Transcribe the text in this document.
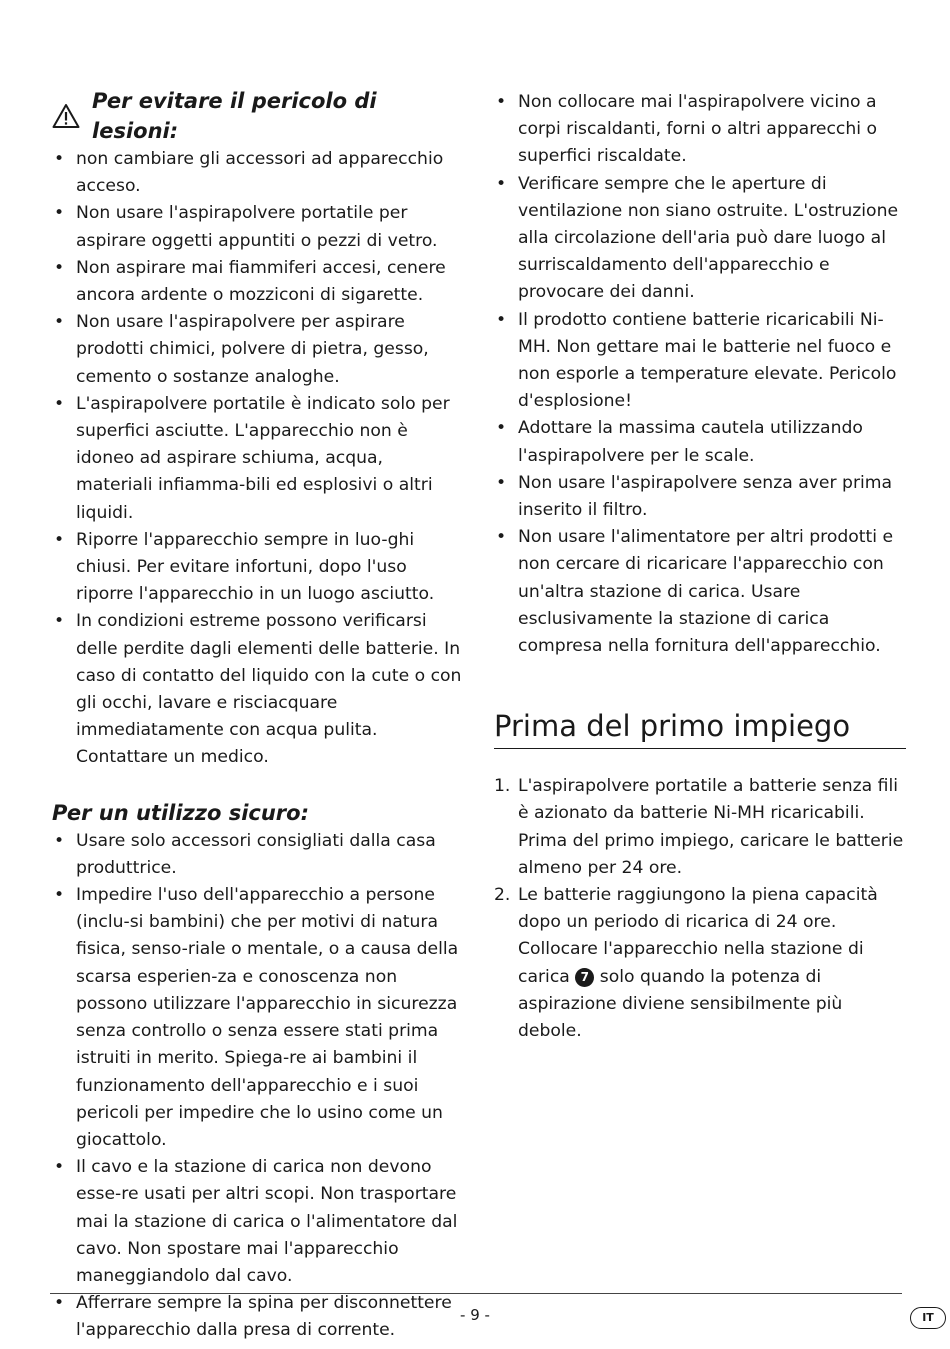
Per evitare il pericolo di lesioni:
• non cambiare gli accessori ad apparecchio acceso.
• Non usare l'aspirapolvere portatile per aspirare oggetti appuntiti o pezzi di vetro.
• Non aspirare mai fiammiferi accesi, cenere ancora ardente o mozziconi di sigarette.
• Non usare l'aspirapolvere per aspirare prodotti chimici, polvere di pietra, gesso, cemento o sostanze analoghe.
• L'aspirapolvere portatile è indicato solo per superfici asciutte. L'apparecchio non è idoneo ad aspirare schiuma, acqua, materiali infiamma-bili ed esplosivi o altri liquidi.
• Riporre l'apparecchio sempre in luo-ghi chiusi. Per evitare infortuni, dopo l'uso riporre l'apparecchio in un luogo asciutto.
• In condizioni estreme possono verificarsi delle perdite dagli elementi delle batterie. In caso di contatto del liquido con la cute o con gli occhi, lavare e risciacquare immediatamente con acqua pulita. Contattare un medico.
Per un utilizzo sicuro:
• Usare solo accessori consigliati dalla casa produttrice.
• Impedire l'uso dell'apparecchio a persone (inclu-si bambini) che per motivi di natura fisica, senso-riale o mentale, o a causa della scarsa esperien-za e conoscenza non possono utilizzare l'apparecchio in sicurezza senza controllo o senza essere stati prima istruiti in merito. Spiega-re ai bambini il funzionamento dell'apparecchio e i suoi pericoli per impedire che lo usino come un giocattolo.
• Il cavo e la stazione di carica non devono esse-re usati per altri scopi. Non trasportare mai la stazione di carica o l'alimentatore dal cavo. Non spostare mai l'apparecchio maneggiandolo dal cavo.
• Afferrare sempre la spina per disconnettere l'apparecchio dalla presa di corrente.
• Non collocare mai l'aspirapolvere vicino a corpi riscaldanti, forni o altri apparecchi o superfici riscaldate.
• Verificare sempre che le aperture di ventilazione non siano ostruite. L'ostruzione alla circolazione dell'aria può dare luogo al surriscaldamento dell'apparecchio e provocare dei danni.
• Il prodotto contiene batterie ricaricabili Ni-MH. Non gettare mai le batterie nel fuoco e non esporle a temperature elevate. Pericolo d'esplosione!
• Adottare la massima cautela utilizzando l'aspirapolvere per le scale.
• Non usare l'aspirapolvere senza aver prima inserito il filtro.
• Non usare l'alimentatore per altri prodotti e non cercare di ricaricare l'apparecchio con un'altra stazione di carica. Usare esclusivamente la stazione di carica compresa nella fornitura dell'apparecchio.
Prima del primo impiego
1. L'aspirapolvere portatile a batterie senza fili è azionato da batterie Ni-MH ricaricabili. Prima del primo impiego, caricare le batterie almeno per 24 ore.
2. Le batterie raggiungono la piena capacità dopo un periodo di ricarica di 24 ore. Collocare l'apparecchio nella stazione di carica 7 solo quando la potenza di aspirazione diviene sensibilmente più debole.
- 9 -	IT
